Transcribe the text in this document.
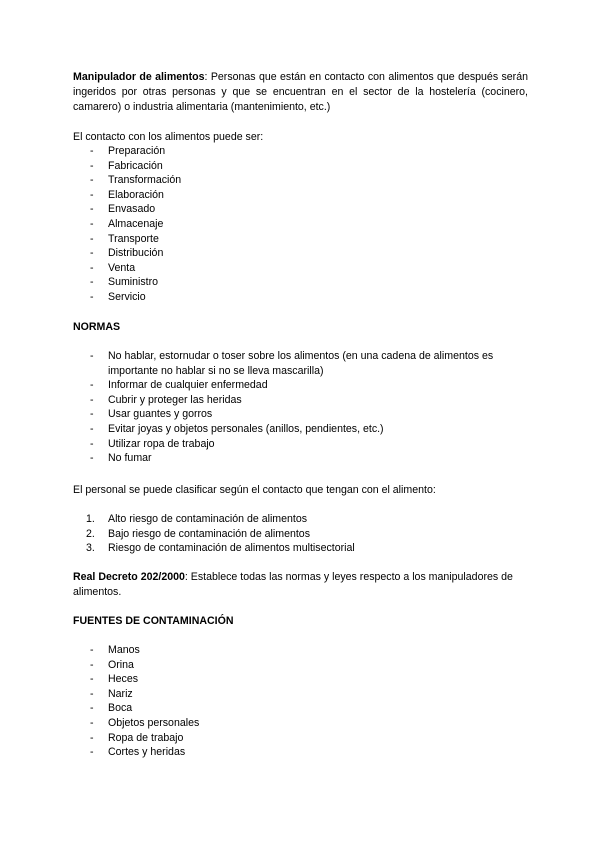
Manipulador de alimentos: Personas que están en contacto con alimentos que después serán ingeridos por otras personas y que se encuentran en el sector de la hostelería (cocinero, camarero) o industria alimentaria (mantenimiento, etc.)

El contacto con los alimentos puede ser:

- Preparación
- Fabricación
- Transformación
- Elaboración
- Envasado
- Almacenaje
- Transporte
- Distribución
- Venta
- Suministro
- Servicio

NORMAS

- No hablar, estornudar o toser sobre los alimentos (en una cadena de alimentos es importante no hablar si no se lleva mascarilla)
- Informar de cualquier enfermedad
- Cubrir y proteger las heridas
- Usar guantes y gorros
- Evitar joyas y objetos personales (anillos, pendientes, etc.)
- Utilizar ropa de trabajo
- No fumar

El personal se puede clasificar según el contacto que tengan con el alimento:

1. Alto riesgo de contaminación de alimentos
2. Bajo riesgo de contaminación de alimentos
3. Riesgo de contaminación de alimentos multisectorial

Real Decreto 202/2000: Establece todas las normas y leyes respecto a los manipuladores de alimentos.

FUENTES DE CONTAMINACIÓN

- Manos
- Orina
- Heces
- Nariz
- Boca
- Objetos personales
- Ropa de trabajo
- Cortes y heridas
